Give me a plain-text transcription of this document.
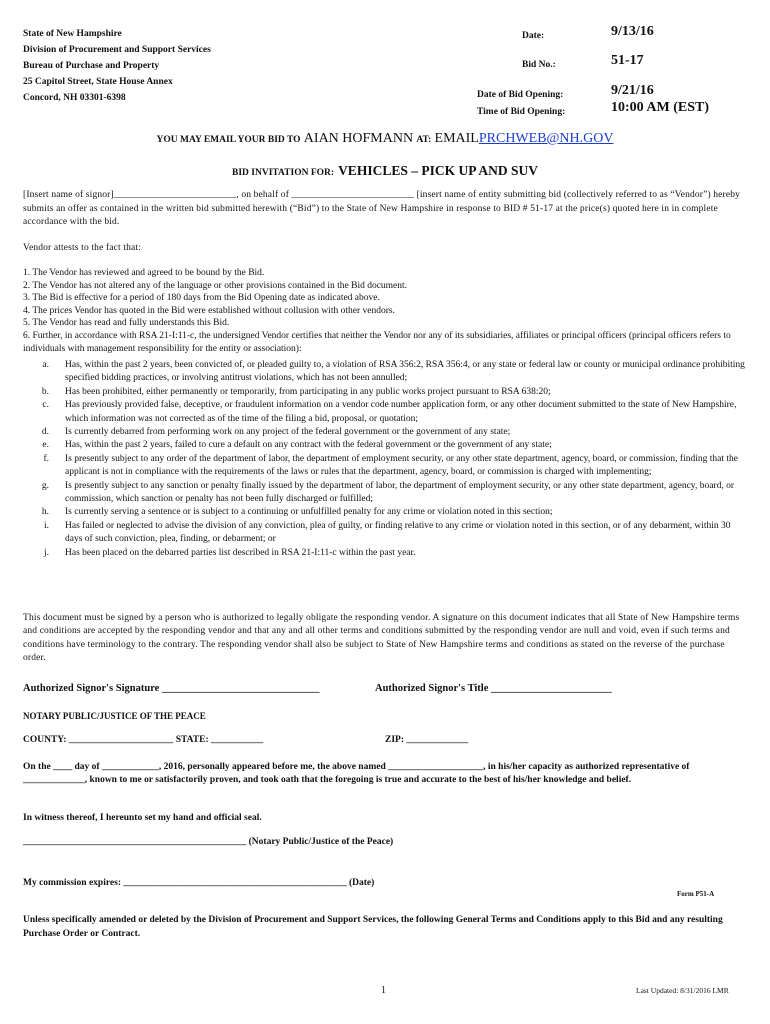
State of New Hampshire
Division of Procurement and Support Services
Bureau of Purchase and Property
25 Capitol Street, State House Annex
Concord, NH 03301-6398
Date:	9/13/16
Bid No.:	51-17
Date of Bid Opening:	9/21/16
Time of Bid Opening:	10:00 AM (EST)
YOU MAY EMAIL YOUR BID TO AIAN HOFMANN AT: EMAILPRCHWEB@NH.GOV
BID INVITATION FOR: VEHICLES – PICK UP AND SUV
[Insert name of signor]_________________________, on behalf of _________________________ [insert name of entity submitting bid (collectively referred to as “Vendor”) hereby submits an offer as contained in the written bid submitted herewith (“Bid”) to the State of New Hampshire in response to BID # 51-17 at the price(s) quoted here in in complete accordance with the bid.
Vendor attests to the fact that:
1. The Vendor has reviewed and agreed to be bound by the Bid.
2. The Vendor has not altered any of the language or other provisions contained in the Bid document.
3. The Bid is effective for a period of 180 days from the Bid Opening date as indicated above.
4. The prices Vendor has quoted in the Bid were established without collusion with other vendors.
5. The Vendor has read and fully understands this Bid.
6. Further, in accordance with RSA 21-I:11-c, the undersigned Vendor certifies that neither the Vendor nor any of its subsidiaries, affiliates or principal officers (principal officers refers to individuals with management responsibility for the entity or association):
a.	Has, within the past 2 years, been convicted of, or pleaded guilty to, a violation of RSA 356:2, RSA 356:4, or any state or federal law or county or municipal ordinance prohibiting specified bidding practices, or involving antitrust violations, which has not been annulled;
b.	Has been prohibited, either permanently or temporarily, from participating in any public works project pursuant to RSA 638:20;
c.	Has previously provided false, deceptive, or fraudulent information on a vendor code number application form, or any other document submitted to the state of New Hampshire, which information was not corrected as of the time of the filing a bid, proposal, or quotation;
d.	Is currently debarred from performing work on any project of the federal government or the government of any state;
e.	Has, within the past 2 years, failed to cure a default on any contract with the federal government or the government of any state;
f.	Is presently subject to any order of the department of labor, the department of employment security, or any other state department, agency, board, or commission, finding that the applicant is not in compliance with the requirements of the laws or rules that the department, agency, board, or commission is charged with implementing;
g.	Is presently subject to any sanction or penalty finally issued by the department of labor, the department of employment security, or any other state department, agency, board, or commission, which sanction or penalty has not been fully discharged or fulfilled;
h.	Is currently serving a sentence or is subject to a continuing or unfulfilled penalty for any crime or violation noted in this section;
i.	Has failed or neglected to advise the division of any conviction, plea of guilty, or finding relative to any crime or violation noted in this section, or of any debarment, within 30 days of such conviction, plea, finding, or debarment; or
j.	Has been placed on the debarred parties list described in RSA 21-I:11-c within the past year.
This document must be signed by a person who is authorized to legally obligate the responding vendor. A signature on this document indicates that all State of New Hampshire terms and conditions are accepted by the responding vendor and that any and all other terms and conditions submitted by the responding vendor are null and void, even if such terms and conditions have terminology to the contrary. The responding vendor shall also be subject to State of New Hampshire terms and conditions as stated on the reverse of the purchase order.
Authorized Signor's Signature ______________________________	Authorized Signor's Title _______________________
NOTARY PUBLIC/JUSTICE OF THE PEACE
COUNTY: ______________________ STATE: ___________	ZIP: _____________
On the ____ day of ____________, 2016, personally appeared before me, the above named ____________________, in his/her capacity as authorized representative of _____________, known to me or satisfactorily proven, and took oath that the foregoing is true and accurate to the best of his/her knowledge and belief.
In witness thereof, I hereunto set my hand and official seal.
_______________________________________________ (Notary Public/Justice of the Peace)
My commission expires: _______________________________________________ (Date)
Form P51-A
Unless specifically amended or deleted by the Division of Procurement and Support Services, the following General Terms and Conditions apply to this Bid and any resulting Purchase Order or Contract.
1	Last Updated: 8/31/2016 LMR
